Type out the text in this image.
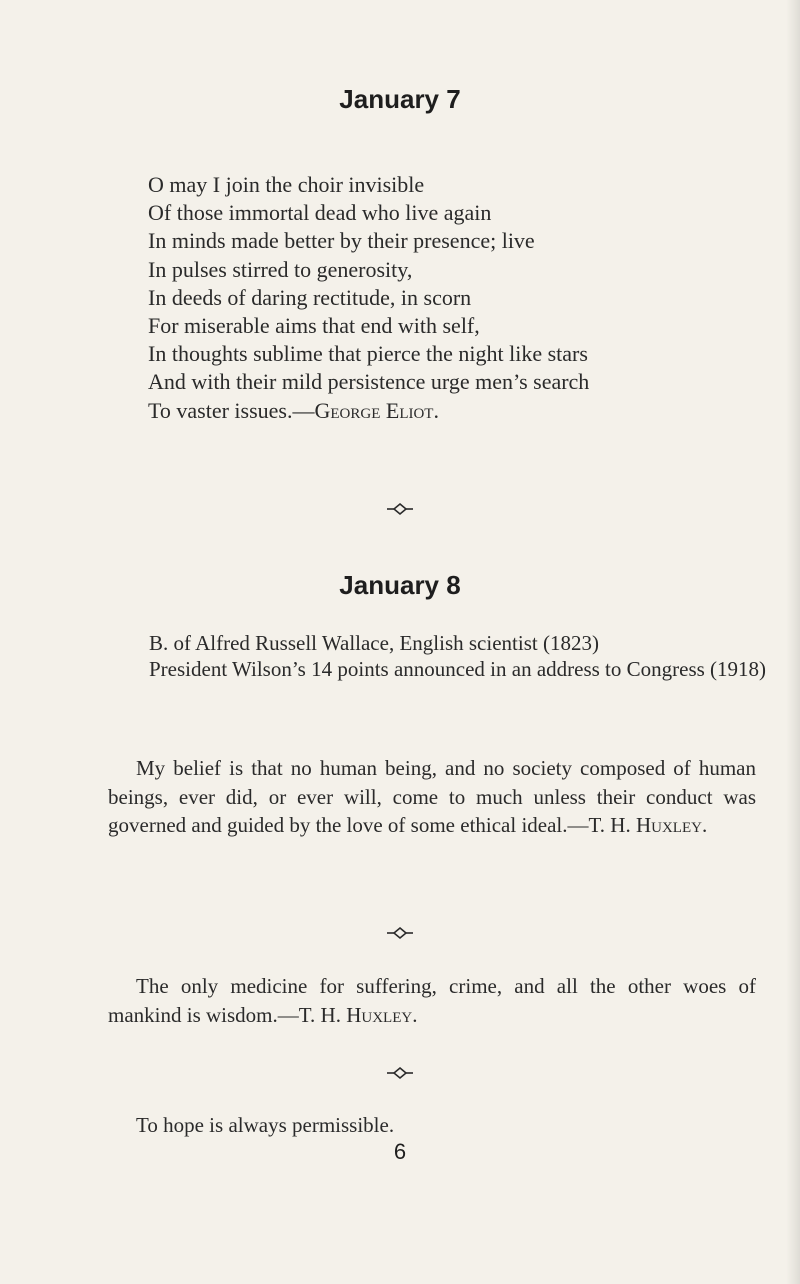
January 7
O may I join the choir invisible
Of those immortal dead who live again
In minds made better by their presence; live
In pulses stirred to generosity,
In deeds of daring rectitude, in scorn
For miserable aims that end with self,
In thoughts sublime that pierce the night like stars
And with their mild persistence urge men’s search
To vaster issues.—George Eliot.
January 8
B. of Alfred Russell Wallace, English scientist (1823)
President Wilson’s 14 points announced in an address to Congress (1918)

My belief is that no human being, and no society composed of human beings, ever did, or ever will, come to much unless their conduct was governed and guided by the love of some ethical ideal.—T. H. Huxley.

The only medicine for suffering, crime, and all the other woes of mankind is wisdom.—T. H. Huxley.

To hope is always permissible.

6
